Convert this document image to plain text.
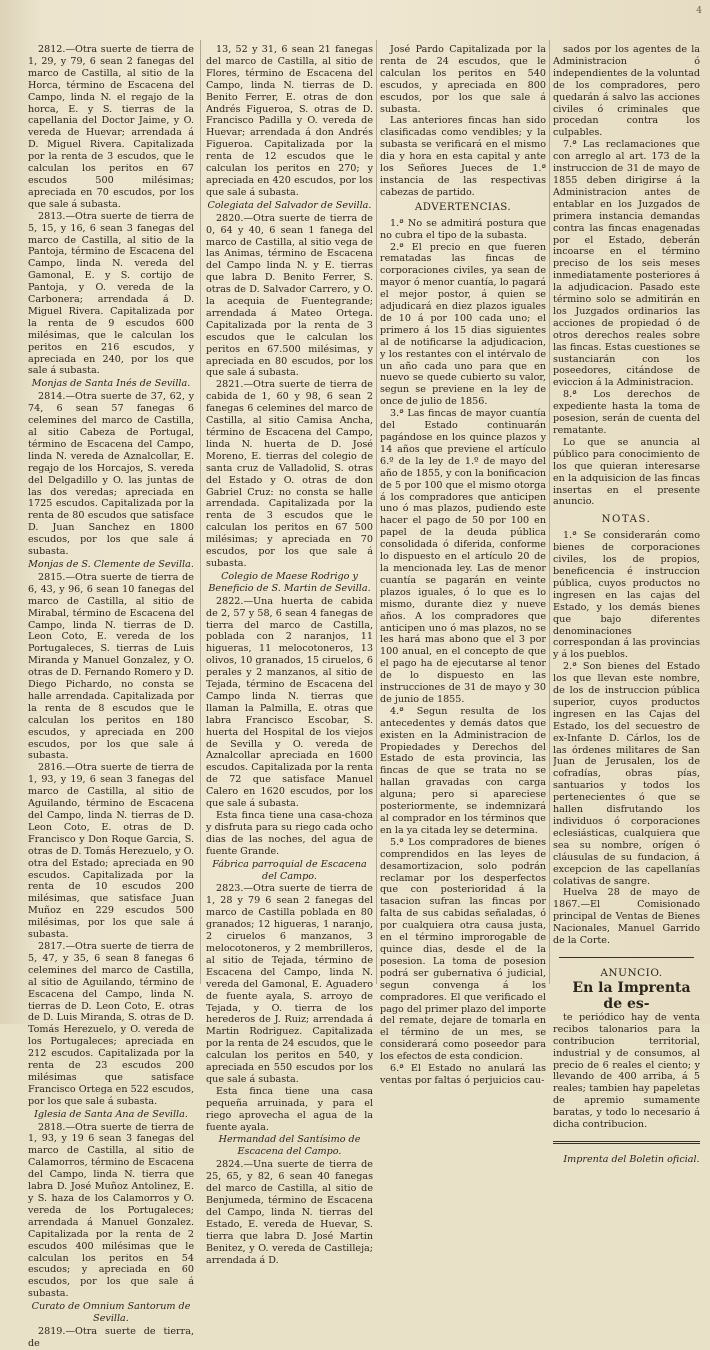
4

2812.—Otra suerte de tierra de 1, 29, y 79, 6 sean 2 fanegas del marco de Castilla, al sitio de la Horca, término de Escacena del Campo, linda N. el regajo de la horca, E. y S. tierras de la capellania del Doctor Jaime, y O. vereda de Huevar; arrendada á D. Miguel Rivera. Capitalizada por la renta de 3 escudos, que le calculan los peritos en 67 escudos 500 milésimas; apreciada en 70 escudos, por los que sale á subasta.

2813.—Otra suerte de tierra de 5, 15, y 16, 6 sean 3 fanegas del marco de Castilla, al sitio de la Pantoja, término de Escacena del Campo, linda N. vereda del Gamonal, E. y S. cortijo de Pantoja, y O. vereda de la Carbonera; arrendada á D. Miguel Rivera. Capitalizada por la renta de 9 escudos 600 milésimas, que le calculan los peritos en 216 escudos, y apreciada en 240, por los que sale á subasta.

Monjas de Santa Inés de Sevilla.

2814.—Otra suerte de 37, 62, y 74, 6 sean 57 fanegas 6 celemines del marco de Castilla, al sitio Cabeza de Portugal, término de Escacena del Campo, linda N. vereda de Aznalcollar, E. regajo de los Horcajos, S. vereda del Delgadillo y O. las juntas de las dos veredas; apreciada en 1725 escudos. Capitalizada por la renta de 80 escudos que satisface D. Juan Sanchez en 1800 escudos, por los que sale á subasta.

Monjas de S. Clemente de Sevilla.

2815.—Otra suerte de tierra de 6, 43, y 96, 6 sean 10 fanegas del marco de Castilla, al sitio de Mirabal, término de Escacena del Campo, linda N. tierras de D. Leon Coto, E. vereda de los Portugaleces, S. tierras de Luis Miranda y Manuel Gonzalez, y O. otras de D. Fernando Romero y D. Diego Pichardo, no consta se halle arrendada. Capitalizada por la renta de 8 escudos que le calculan los peritos en 180 escudos, y apreciada en 200 escudos, por los que sale á subasta.

2816.—Otra suerte de tierra de 1, 93, y 19, 6 sean 3 fanegas del marco de Castilla, al sitio de Aguilando, término de Escacena del Campo, linda N. tierras de D. Leon Coto, E. otras de D. Francisco y Don Roque Garcia, S. otras de D. Tomás Herezuelo, y O. otra del Estado; apreciada en 90 escudos. Capitalizada por la renta de 10 escudos 200 milésimas, que satisface Juan Muñoz en 229 escudos 500 milésimas, por los que sale á subasta.

2817.—Otra suerte de tierra de 5, 47, y 35, 6 sean 8 fanegas 6 celemines del marco de Castilla, al sitio de Aguilando, término de Escacena del Campo, linda N. tierras de D. Leon Coto, E. otras de D. Luis Miranda, S. otras de D. Tomás Herezuelo, y O. vereda de los Portugaleces; apreciada en 212 escudos. Capitalizada por la renta de 23 escudos 200 milésimas que satisface Francisco Ortega en 522 escudos, por los que sale á subasta.

Iglesia de Santa Ana de Sevilla.

2818.—Otra suerte de tierra de 1, 93, y 19 6 sean 3 fanegas del marco de Castilla, al sitio de Calamorros, término de Escacena del Campo, linda N. tierra que labra D. José Muñoz Antolinez, E. y S. haza de los Calamorros y O. vereda de los Portugaleces; arrendada á Manuel Gonzalez. Capitalizada por la renta de 2 escudos 400 milésimas que le calculan los peritos en 54 escudos; y apreciada en 60 escudos, por los que sale á subasta.

Curato de Omnium Santorum de Sevilla.

2819.—Otra suerte de tierra, de

13, 52 y 31, 6 sean 21 fanegas del marco de Castilla, al sitio de Flores, término de Escacena del Campo, linda N. tierras de D. Benito Ferrer, E. otras de don Andrés Figueroa, S. otras de D. Francisco Padilla y O. vereda de Huevar; arrendada á don Andrés Figueroa. Capitalizada por la renta de 12 escudos que le calculan los peritos en 270; y apreciada en 420 escudos, por los que sale á subasta.

Colegiata del Salvador de Sevilla.

2820.—Otra suerte de tierra de 0, 64 y 40, 6 sean 1 fanega del marco de Castilla, al sitio vega de las Animas, término de Escacena del Campo linda N. y E. tierras que labra D. Benito Ferrer, S. otras de D. Salvador Carrero, y O. la acequia de Fuentegrande; arrendada á Mateo Ortega. Capitalizada por la renta de 3 escudos que le calculan los peritos en 67.500 milésimas, y apreciada en 80 escudos, por los que sale á subasta.

2821.—Otra suerte de tierra de cabida de 1, 60 y 98, 6 sean 2 fanegas 6 celemines del marco de Castilla, al sitio Camisa Ancha, término de Escacena del Campo, linda N. huerta de D. José Moreno, E. tierras del colegio de santa cruz de Valladolid, S. otras del Estado y O. otras de don Gabriel Cruz: no consta se halle arrendada. Capitalizada por la renta de 3 escudos que le calculan los peritos en 67 500 milésimas; y apreciada en 70 escudos, por los que sale á subasta.

Colegio de Maese Rodrigo y Beneficio de S. Martin de Sevilla.

2822.—Una huerta de cabida de 2, 57 y 58, 6 sean 4 fanegas de tierra del marco de Castilla, poblada con 2 naranjos, 11 higueras, 11 melocotoneros, 13 olivos, 10 granados, 15 ciruelos, 6 perales y 2 manzanos, al sitio de Tejada, término de Escacena del Campo linda N. tierras que llaman la Palmilla, E. otras que labra Francisco Escobar, S. huerta del Hospital de los viejos de Sevilla y O. vereda de Aznalcollar apreciada en 1600 escudos. Capitalizada por la renta de 72 que satisface Manuel Calero en 1620 escudos, por los que sale á subasta.

Esta finca tiene una casa-choza y disfruta para su riego cada ocho dias de las noches, del agua de fuente Grande.

Fábrica parroquial de Escacena del Campo.

2823.—Otra suerte de tierra de 1, 28 y 79 6 sean 2 fanegas del marco de Castilla poblada en 80 granados; 12 higueras, 1 naranjo, 2 ciruelos 6 manzanos, 3 melocotoneros, y 2 membrilleros, al sitio de Tejada, término de Escacena del Campo, linda N. vereda del Gamonal, E. Aguadero de fuente ayala, S. arroyo de Tejada, y O. tierra de los herederos de J. Ruiz; arrendada á Martin Rodriguez. Capitalizada por la renta de 24 escudos, que le calculan los peritos en 540, y apreciada en 550 escudos por los que sale á subasta.

Esta finca tiene una casa pequeña arruinada, y para el riego aprovecha el agua de la fuente ayala.

Hermandad del Santísimo de Escacena del Campo.

2824.—Una suerte de tierra de 25, 65, y 82, 6 sean 40 fanegas del marco de Castilla, al sitio de Benjumeda, término de Escacena del Campo, linda N. tierras del Estado, E. vereda de Huevar, S. tierra que labra D. José Martin Benitez, y O. vereda de Castilleja; arrendada á D.

José Pardo Capitalizada por la renta de 24 escudos, que le calculan los peritos en 540 escudos, y apreciada en 800 escudos, por los que sale á subasta.

Las anteriores fincas han sido clasificadas como vendibles; y la subasta se verificará en el mismo dia y hora en esta capital y ante los Señores Jueces de 1.ª instancia de las respectivas cabezas de partido.

ADVERTENCIAS.

1.ª No se admitirá postura que no cubra el tipo de la subasta.

2.ª El precio en que fueren rematadas las fincas de corporaciones civiles, ya sean de mayor ó menor cuantía, lo pagará el mejor postor, á quien se adjudicará en diez plazos iguales de 10 á por 100 cada uno; el primero á los 15 dias siguientes al de notificarse la adjudicacion, y los restantes con el intérvalo de un año cada uno para que en nuevo se quede cubierto su valor, segun se previene en la ley de once de julio de 1856.

3.ª Las fincas de mayor cuantía del Estado continuarán pagándose en los quince plazos y 14 años que previene el artículo 6.º de la ley de 1.º de mayo del año de 1855, y con la bonificacion de 5 por 100 que el mismo otorga á los compradores que anticipen uno ó mas plazos, pudiendo este hacer el pago de 50 por 100 en papel de la deuda pública consolidada ó diferida, conforme lo dispuesto en el artículo 20 de la mencionada ley. Las de menor cuantía se pagarán en veinte plazos iguales, ó lo que es lo mismo, durante diez y nueve años. A los compradores que anticipen uno ó mas plazos, no se les hará mas abono que el 3 por 100 anual, en el concepto de que el pago ha de ejecutarse al tenor de lo dispuesto en las instrucciones de 31 de mayo y 30 de junio de 1855.

4.ª Segun resulta de los antecedentes y demás datos que existen en la Administracion de Propiedades y Derechos del Estado de esta provincia, las fincas de que se trata no se hallan gravadas con carga alguna; pero si apareciese posteriormente, se indemnizará al comprador en los términos que en la ya citada ley se determina.

5.ª Los compradores de bienes comprendidos en las leyes de desamortizacion, solo podrán reclamar por los desperfectos que con posterioridad á la tasacion sufran las fincas por falta de sus cabidas señaladas, ó por cualquiera otra causa justa, en el término improrogable de quince dias, desde el de la posesion. La toma de posesion podrá ser gubernativa ó judicial, segun convenga á los compradores. El que verificado el pago del primer plazo del importe del remate, dejare de tomarla en el término de un mes, se considerará como poseedor para los efectos de esta condicion.

6.ª El Estado no anulará las ventas por faltas ó perjuicios cau-

sados por los agentes de la Administracion ó independientes de la voluntad de los compradores, pero quedarán á salvo las acciones civiles ó criminales que procedan contra los culpables.

7.ª Las reclamaciones que con arreglo al art. 173 de la instruccion de 31 de mayo de 1855 deben dirigirse á la Administracion antes de entablar en los Juzgados de primera instancia demandas contra las fincas enagenadas por el Estado, deberán incoarse en el término preciso de los seis meses inmediatamente posteriores á la adjudicacion. Pasado este término solo se admitirán en los Juzgados ordinarios las acciones de propiedad ó de otros derechos reales sobre las fincas. Estas cuestiones se sustanciarán con los poseedores, citándose de eviccion á la Administracion.

8.ª Los derechos de expediente hasta la toma de posesion, serán de cuenta del rematante.

Lo que se anuncia al público para conocimiento de los que quieran interesarse en la adquisicion de las fincas insertas en el presente anuncio.

NOTAS.

1.ª Se considerarán como bienes de corporaciones civiles, los de propios, beneficencia é instruccion pública, cuyos productos no ingresen en las cajas del Estado, y los demás bienes que bajo diferentes denominaciones correspondan á las provincias y á los pueblos.

2.ª Son bienes del Estado los que llevan este nombre, de los de instruccion pública superior, cuyos productos ingresen en las Cajas del Estado, los del secuestro de ex-Infante D. Cárlos, los de las órdenes militares de San Juan de Jerusalen, los de cofradías, obras pías, santuarios y todos los pertenecientes ó que se hallen disfrutando los individuos ó corporaciones eclesiásticas, cualquiera que sea su nombre, orígen ó cláusulas de su fundacion, á excepcion de las capellanías colativas de sangre.

Huelva 28 de mayo de 1867.—El Comisionado principal de Ventas de Bienes Nacionales, Manuel Garrido de la Corte.

ANUNCIO.

En la Imprenta de es-

te periódico hay de venta recibos talonarios para la contribucion territorial, industrial y de consumos, al precio de 6 reales el ciento; y llevando de 400 arriba, á 5 reales; tambien hay papeletas de apremio sumamente baratas, y todo lo necesario á dicha contribucion.

Imprenta del Boletin oficial.
